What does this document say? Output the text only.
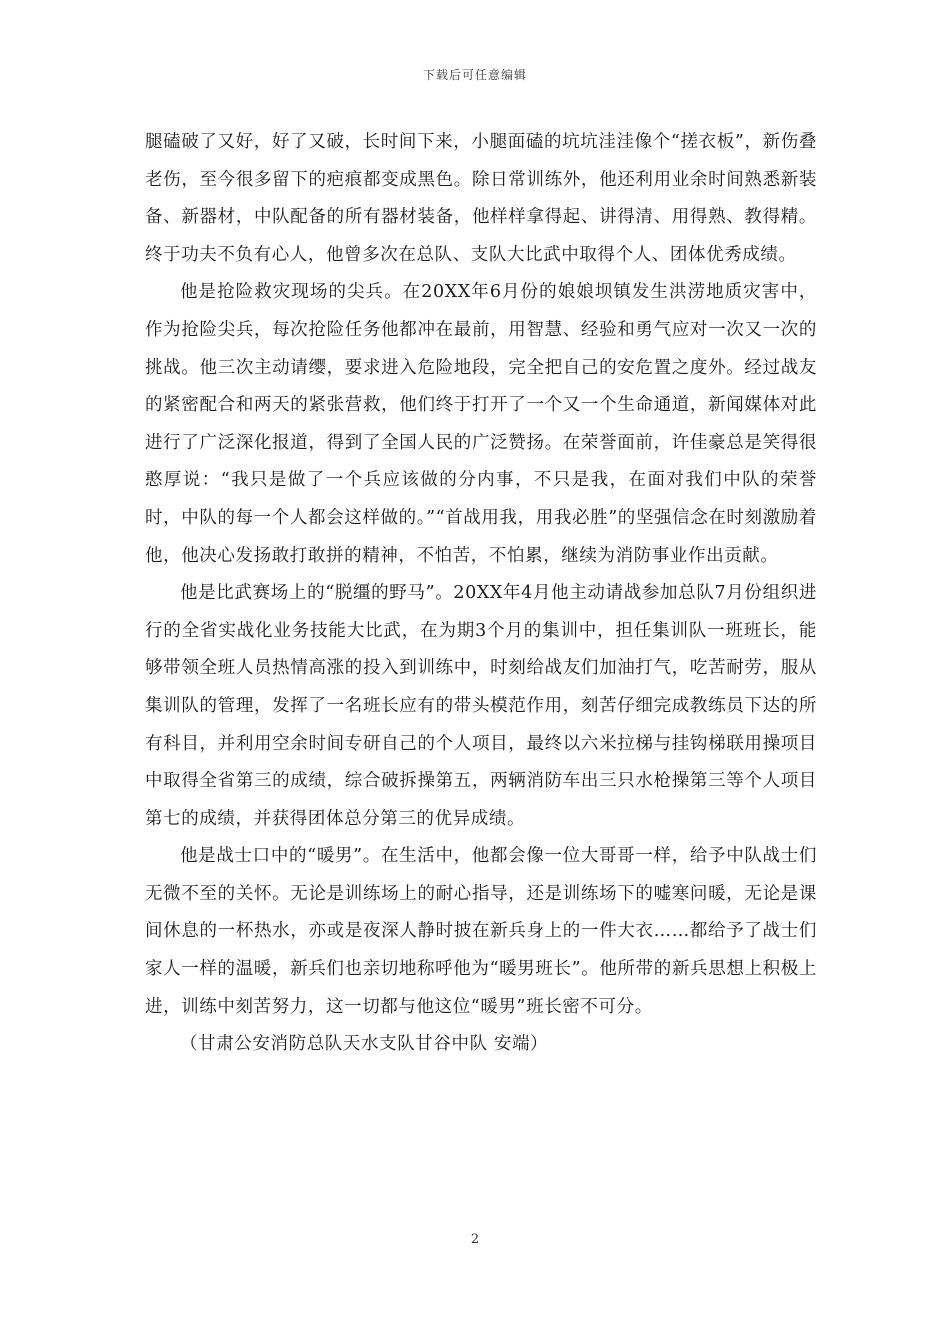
下载后可任意编辑

腿磕破了又好，好了又破，长时间下来，小腿面磕的坑坑洼洼像个“搓衣板”，新伤叠老伤，至今很多留下的疤痕都变成黑色。除日常训练外，他还利用业余时间熟悉新装备、新器材，中队配备的所有器材装备，他样样拿得起、讲得清、用得熟、教得精。终于功夫不负有心人，他曾多次在总队、支队大比武中取得个人、团体优秀成绩。

他是抢险救灾现场的尖兵。在20XX年6月份的娘娘坝镇发生洪涝地质灾害中，作为抢险尖兵，每次抢险任务他都冲在最前，用智慧、经验和勇气应对一次又一次的挑战。他三次主动请缨，要求进入危险地段，完全把自己的安危置之度外。经过战友的紧密配合和两天的紧张营救，他们终于打开了一个又一个生命通道，新闻媒体对此进行了广泛深化报道，得到了全国人民的广泛赞扬。在荣誉面前，许佳豪总是笑得很憨厚说：“我只是做了一个兵应该做的分内事，不只是我，在面对我们中队的荣誉时，中队的每一个人都会这样做的。”“首战用我，用我必胜”的坚强信念在时刻激励着他，他决心发扬敢打敢拼的精神，不怕苦，不怕累，继续为消防事业作出贡献。

他是比武赛场上的“脱缰的野马”。20XX年4月他主动请战参加总队7月份组织进行的全省实战化业务技能大比武，在为期3个月的集训中，担任集训队一班班长，能够带领全班人员热情高涨的投入到训练中，时刻给战友们加油打气，吃苦耐劳，服从集训队的管理，发挥了一名班长应有的带头模范作用，刻苦仔细完成教练员下达的所有科目，并利用空余时间专研自己的个人项目，最终以六米拉梯与挂钩梯联用操项目中取得全省第三的成绩，综合破拆操第五，两辆消防车出三只水枪操第三等个人项目第七的成绩，并获得团体总分第三的优异成绩。

他是战士口中的“暖男”。在生活中，他都会像一位大哥哥一样，给予中队战士们无微不至的关怀。无论是训练场上的耐心指导，还是训练场下的嘘寒问暖，无论是课间休息的一杯热水，亦或是夜深人静时披在新兵身上的一件大衣……都给予了战士们家人一样的温暖，新兵们也亲切地称呼他为“暖男班长”。他所带的新兵思想上积极上进，训练中刻苦努力，这一切都与他这位“暖男”班长密不可分。

（甘肃公安消防总队天水支队甘谷中队 安端）

2
